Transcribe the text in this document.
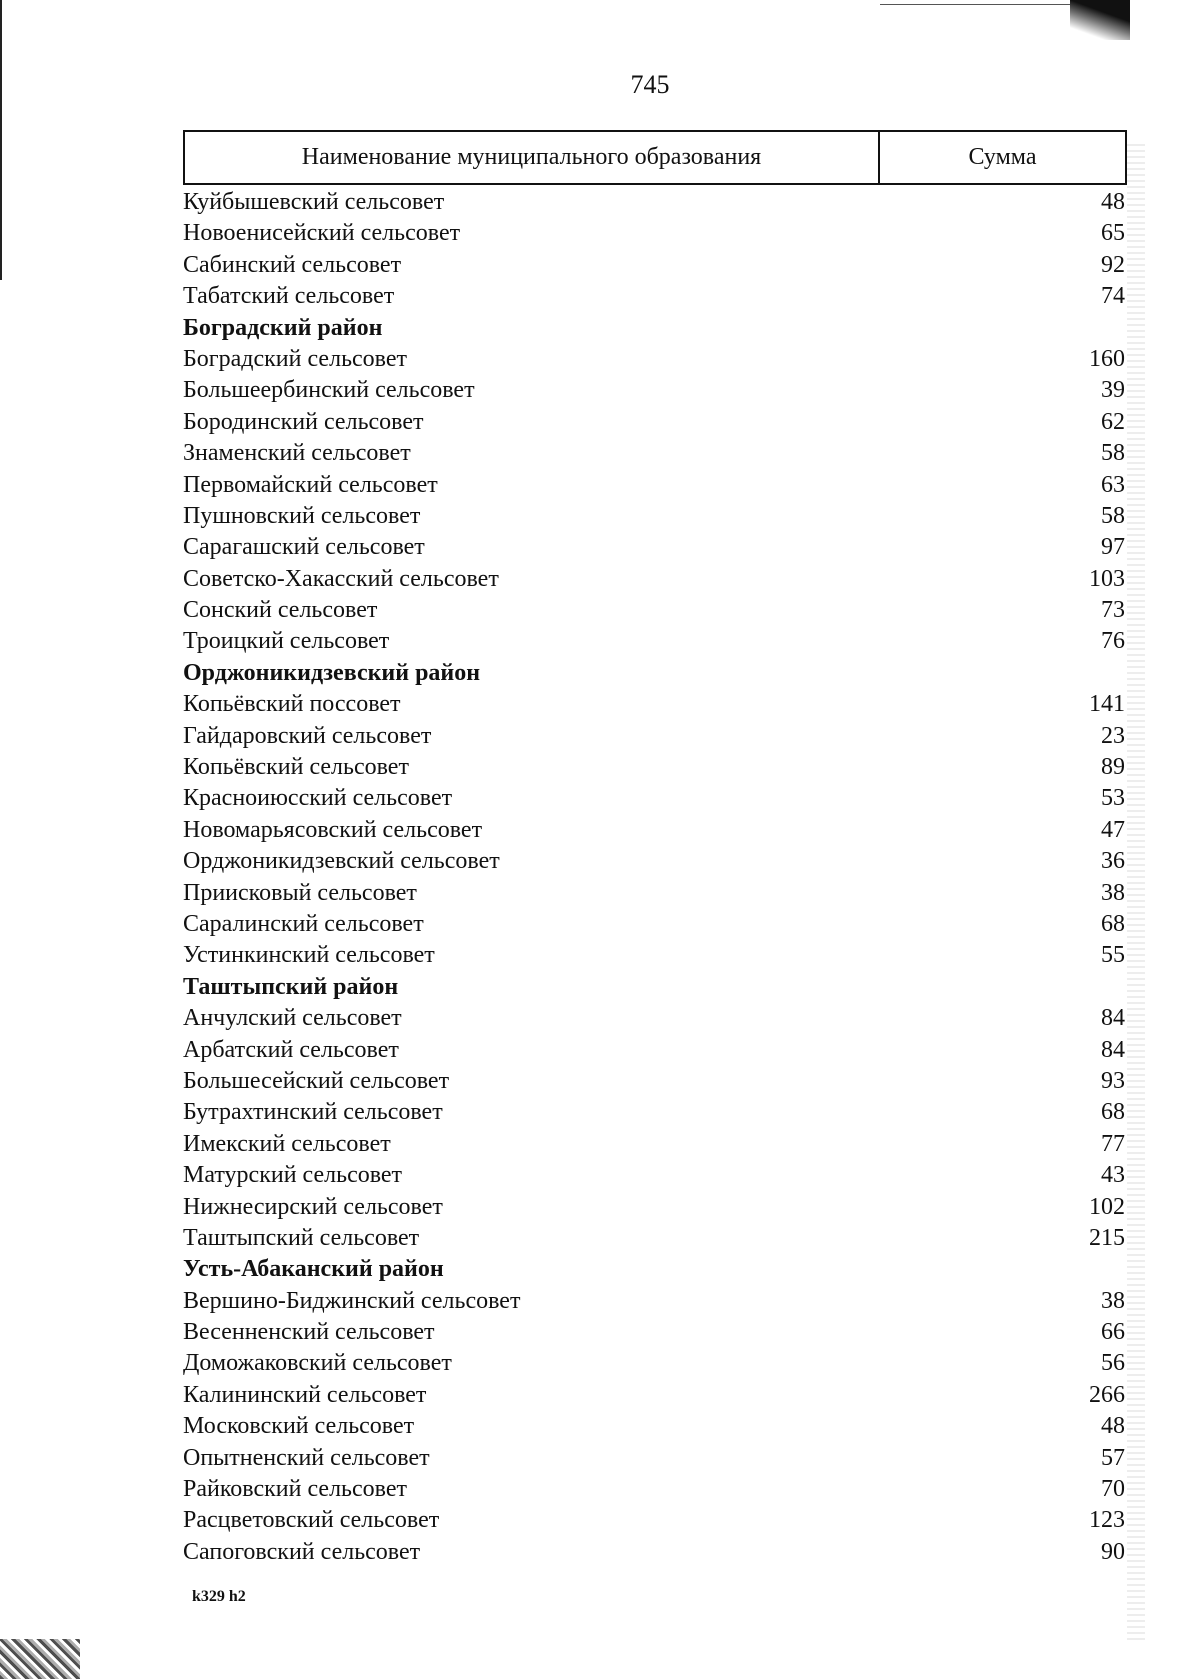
745
Наименование муниципального образования	Сумма
Куйбышевский сельсовет	48
Новоенисейский сельсовет	65
Сабинский сельсовет	92
Табатский сельсовет	74
Боградский район
Боградский сельсовет	160
Большеербинский сельсовет	39
Бородинский сельсовет	62
Знаменский сельсовет	58
Первомайский сельсовет	63
Пушновский сельсовет	58
Сарагашский сельсовет	97
Советско-Хакасский сельсовет	103
Сонский сельсовет	73
Троицкий сельсовет	76
Орджоникидзевский район
Копьёвский поссовет	141
Гайдаровский сельсовет	23
Копьёвский сельсовет	89
Красноиюсский сельсовет	53
Новомарьясовский сельсовет	47
Орджоникидзевский сельсовет	36
Приисковый сельсовет	38
Саралинский сельсовет	68
Устинкинский сельсовет	55
Таштыпский район
Анчулский сельсовет	84
Арбатский сельсовет	84
Большесейский сельсовет	93
Бутрахтинский сельсовет	68
Имекский сельсовет	77
Матурский сельсовет	43
Нижнесирский сельсовет	102
Таштыпский сельсовет	215
Усть-Абаканский район
Вершино-Биджинский сельсовет	38
Весенненский сельсовет	66
Доможаковский сельсовет	56
Калининский сельсовет	266
Московский сельсовет	48
Опытненский сельсовет	57
Райковский сельсовет	70
Расцветовский сельсовет	123
Сапоговский сельсовет	90
k329 h2
